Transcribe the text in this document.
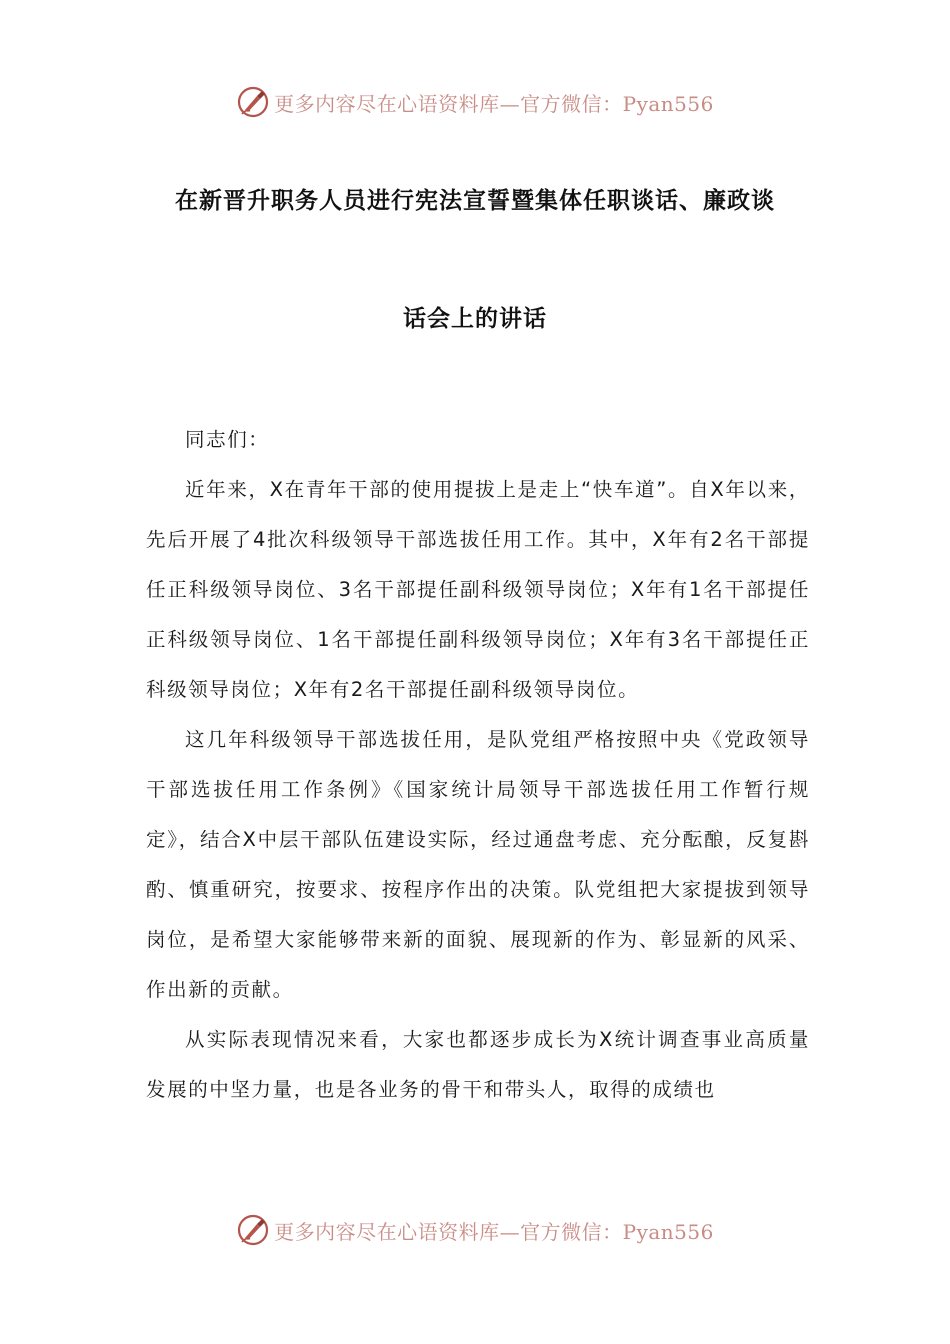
更多内容尽在心语资料库—官方微信：Pyan556
在新晋升职务人员进行宪法宣誓暨集体任职谈话、廉政谈
话会上的讲话

同志们：

近年来，X在青年干部的使用提拔上是走上“快车道”。自X年以来，先后开展了4批次科级领导干部选拔任用工作。其中，X年有2名干部提任正科级领导岗位、3名干部提任副科级领导岗位；X年有1名干部提任正科级领导岗位、1名干部提任副科级领导岗位；X年有3名干部提任正科级领导岗位；X年有2名干部提任副科级领导岗位。

这几年科级领导干部选拔任用，是队党组严格按照中央《党政领导干部选拔任用工作条例》《国家统计局领导干部选拔任用工作暂行规定》，结合X中层干部队伍建设实际，经过通盘考虑、充分酝酿，反复斟酌、慎重研究，按要求、按程序作出的决策。队党组把大家提拔到领导岗位，是希望大家能够带来新的面貌、展现新的作为、彰显新的风采、作出新的贡献。

从实际表现情况来看，大家也都逐步成长为X统计调查事业高质量发展的中坚力量，也是各业务的骨干和带头人，取得的成绩也

更多内容尽在心语资料库—官方微信：Pyan556
